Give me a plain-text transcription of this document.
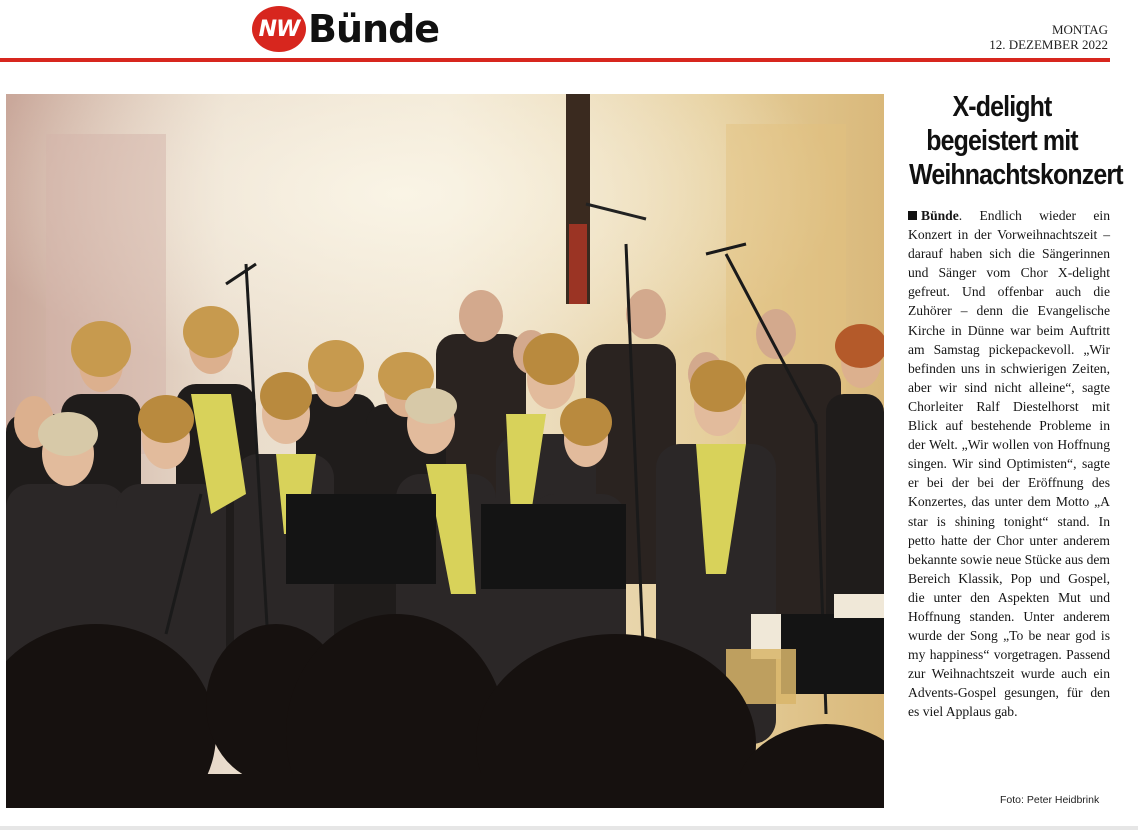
NW Bünde	MONTAG
12. DEZEMBER 2022
X-delight
begeistert mit
Weihnachtskonzert
Bünde. Endlich wieder ein Konzert in der Vorweihnachtszeit – darauf haben sich die Sängerinnen und Sänger vom Chor X-delight gefreut. Und offenbar auch die Zuhörer – denn die Evangelische Kirche in Dünne war beim Auftritt am Samstag pickepackevoll. „Wir befinden uns in schwierigen Zeiten, aber wir sind nicht alleine“, sagte Chorleiter Ralf Diestelhorst mit Blick auf bestehende Probleme in der Welt. „Wir wollen von Hoffnung singen. Wir sind Optimisten“, sagte er bei der bei der Eröffnung des Konzertes, das unter dem Motto „A star is shining tonight“ stand. In petto hatte der Chor unter anderem bekannte sowie neue Stücke aus dem Bereich Klassik, Pop und Gospel, die unter den Aspekten Mut und Hoffnung standen. Unter anderem wurde der Song „To be near god is my happiness“ vorgetragen. Passend zur Weihnachtszeit wurde auch ein Advents-Gospel gesungen, für den es viel Applaus gab.
Foto: Peter Heidbrink
